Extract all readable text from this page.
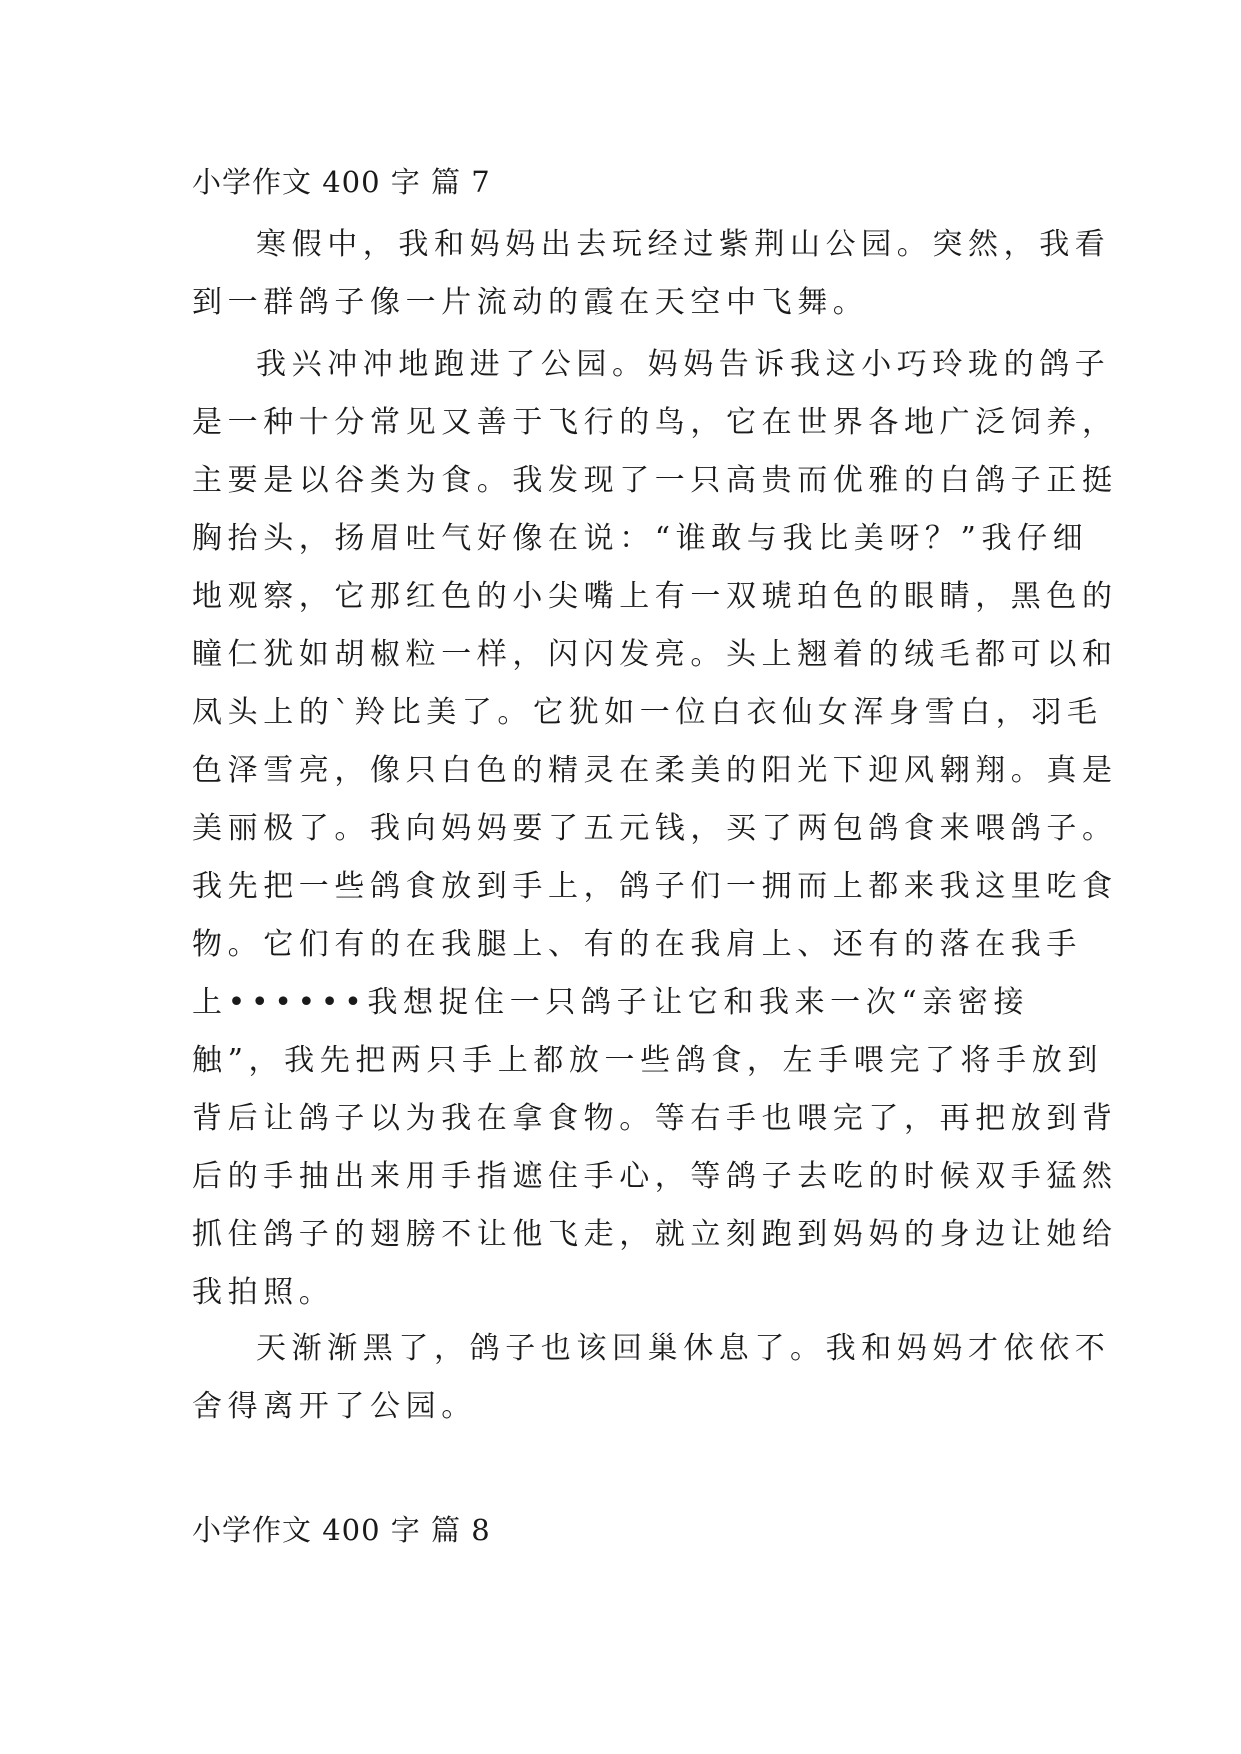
小学作文 400 字 篇 7
寒假中，我和妈妈出去玩经过紫荆山公园。突然，我看
到一群鸽子像一片流动的霞在天空中飞舞。
我兴冲冲地跑进了公园。妈妈告诉我这小巧玲珑的鸽子
是一种十分常见又善于飞行的鸟，它在世界各地广泛饲养，
主要是以谷类为食。我发现了一只高贵而优雅的白鸽子正挺
胸抬头，扬眉吐气好像在说：“谁敢与我比美呀？”我仔细
地观察，它那红色的小尖嘴上有一双琥珀色的眼睛，黑色的
瞳仁犹如胡椒粒一样，闪闪发亮。头上翘着的绒毛都可以和
凤头上的`羚比美了。它犹如一位白衣仙女浑身雪白，羽毛
色泽雪亮，像只白色的精灵在柔美的阳光下迎风翱翔。真是
美丽极了。我向妈妈要了五元钱，买了两包鸽食来喂鸽子。
我先把一些鸽食放到手上，鸽子们一拥而上都来我这里吃食
物。它们有的在我腿上、有的在我肩上、还有的落在我手
上••••••我想捉住一只鸽子让它和我来一次“亲密接
触”，我先把两只手上都放一些鸽食，左手喂完了将手放到
背后让鸽子以为我在拿食物。等右手也喂完了，再把放到背
后的手抽出来用手指遮住手心，等鸽子去吃的时候双手猛然
抓住鸽子的翅膀不让他飞走，就立刻跑到妈妈的身边让她给
我拍照。
天渐渐黑了，鸽子也该回巢休息了。我和妈妈才依依不
舍得离开了公园。
小学作文 400 字 篇 8
